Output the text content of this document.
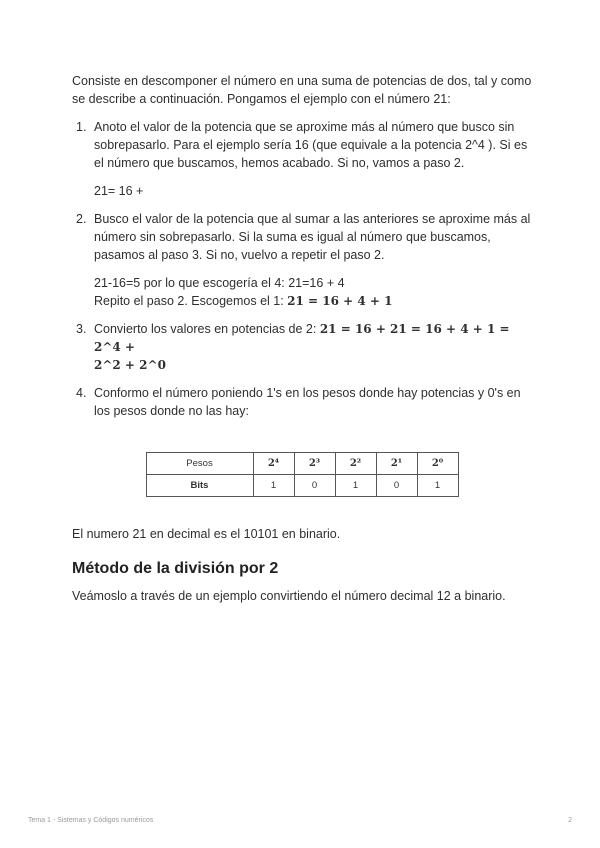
Consiste en descomponer el número en una suma de potencias de dos, tal y como se describe a continuación. Pongamos el ejemplo con el número 21:

1. Anoto el valor de la potencia que se aproxime más al número que busco sin sobrepasarlo. Para el ejemplo sería 16 (que equivale a la potencia 2^4 ). Si es el número que buscamos, hemos acabado. Si no, vamos a paso 2.

21= 16 +

2. Busco el valor de la potencia que al sumar a las anteriores se aproxime más al número sin sobrepasarlo. Si la suma es igual al número que buscamos, pasamos al paso 3. Si no, vuelvo a repetir el paso 2.

21-16=5 por lo que escogería el 4: 21=16 + 4

Repito el paso 2. Escogemos el 1: 21 = 16 + 4 + 1

3. Convierto los valores en potencias de 2: 21 = 16 + 21 = 16 + 4 + 1 = 2^4 +
2^2 + 2^0

4. Conformo el número poniendo 1's en los pesos donde hay potencias y 0's en los pesos donde no las hay:

Pesos	2⁴	2³	2²	2¹	2⁰
Bits	1	0	1	0	1

El numero 21 en decimal es el 10101 en binario.

Método de la división por 2

Veámoslo a través de un ejemplo convirtiendo el número decimal 12 a binario.

Tema 1 - Sistemas y Códigos numéricos	2
